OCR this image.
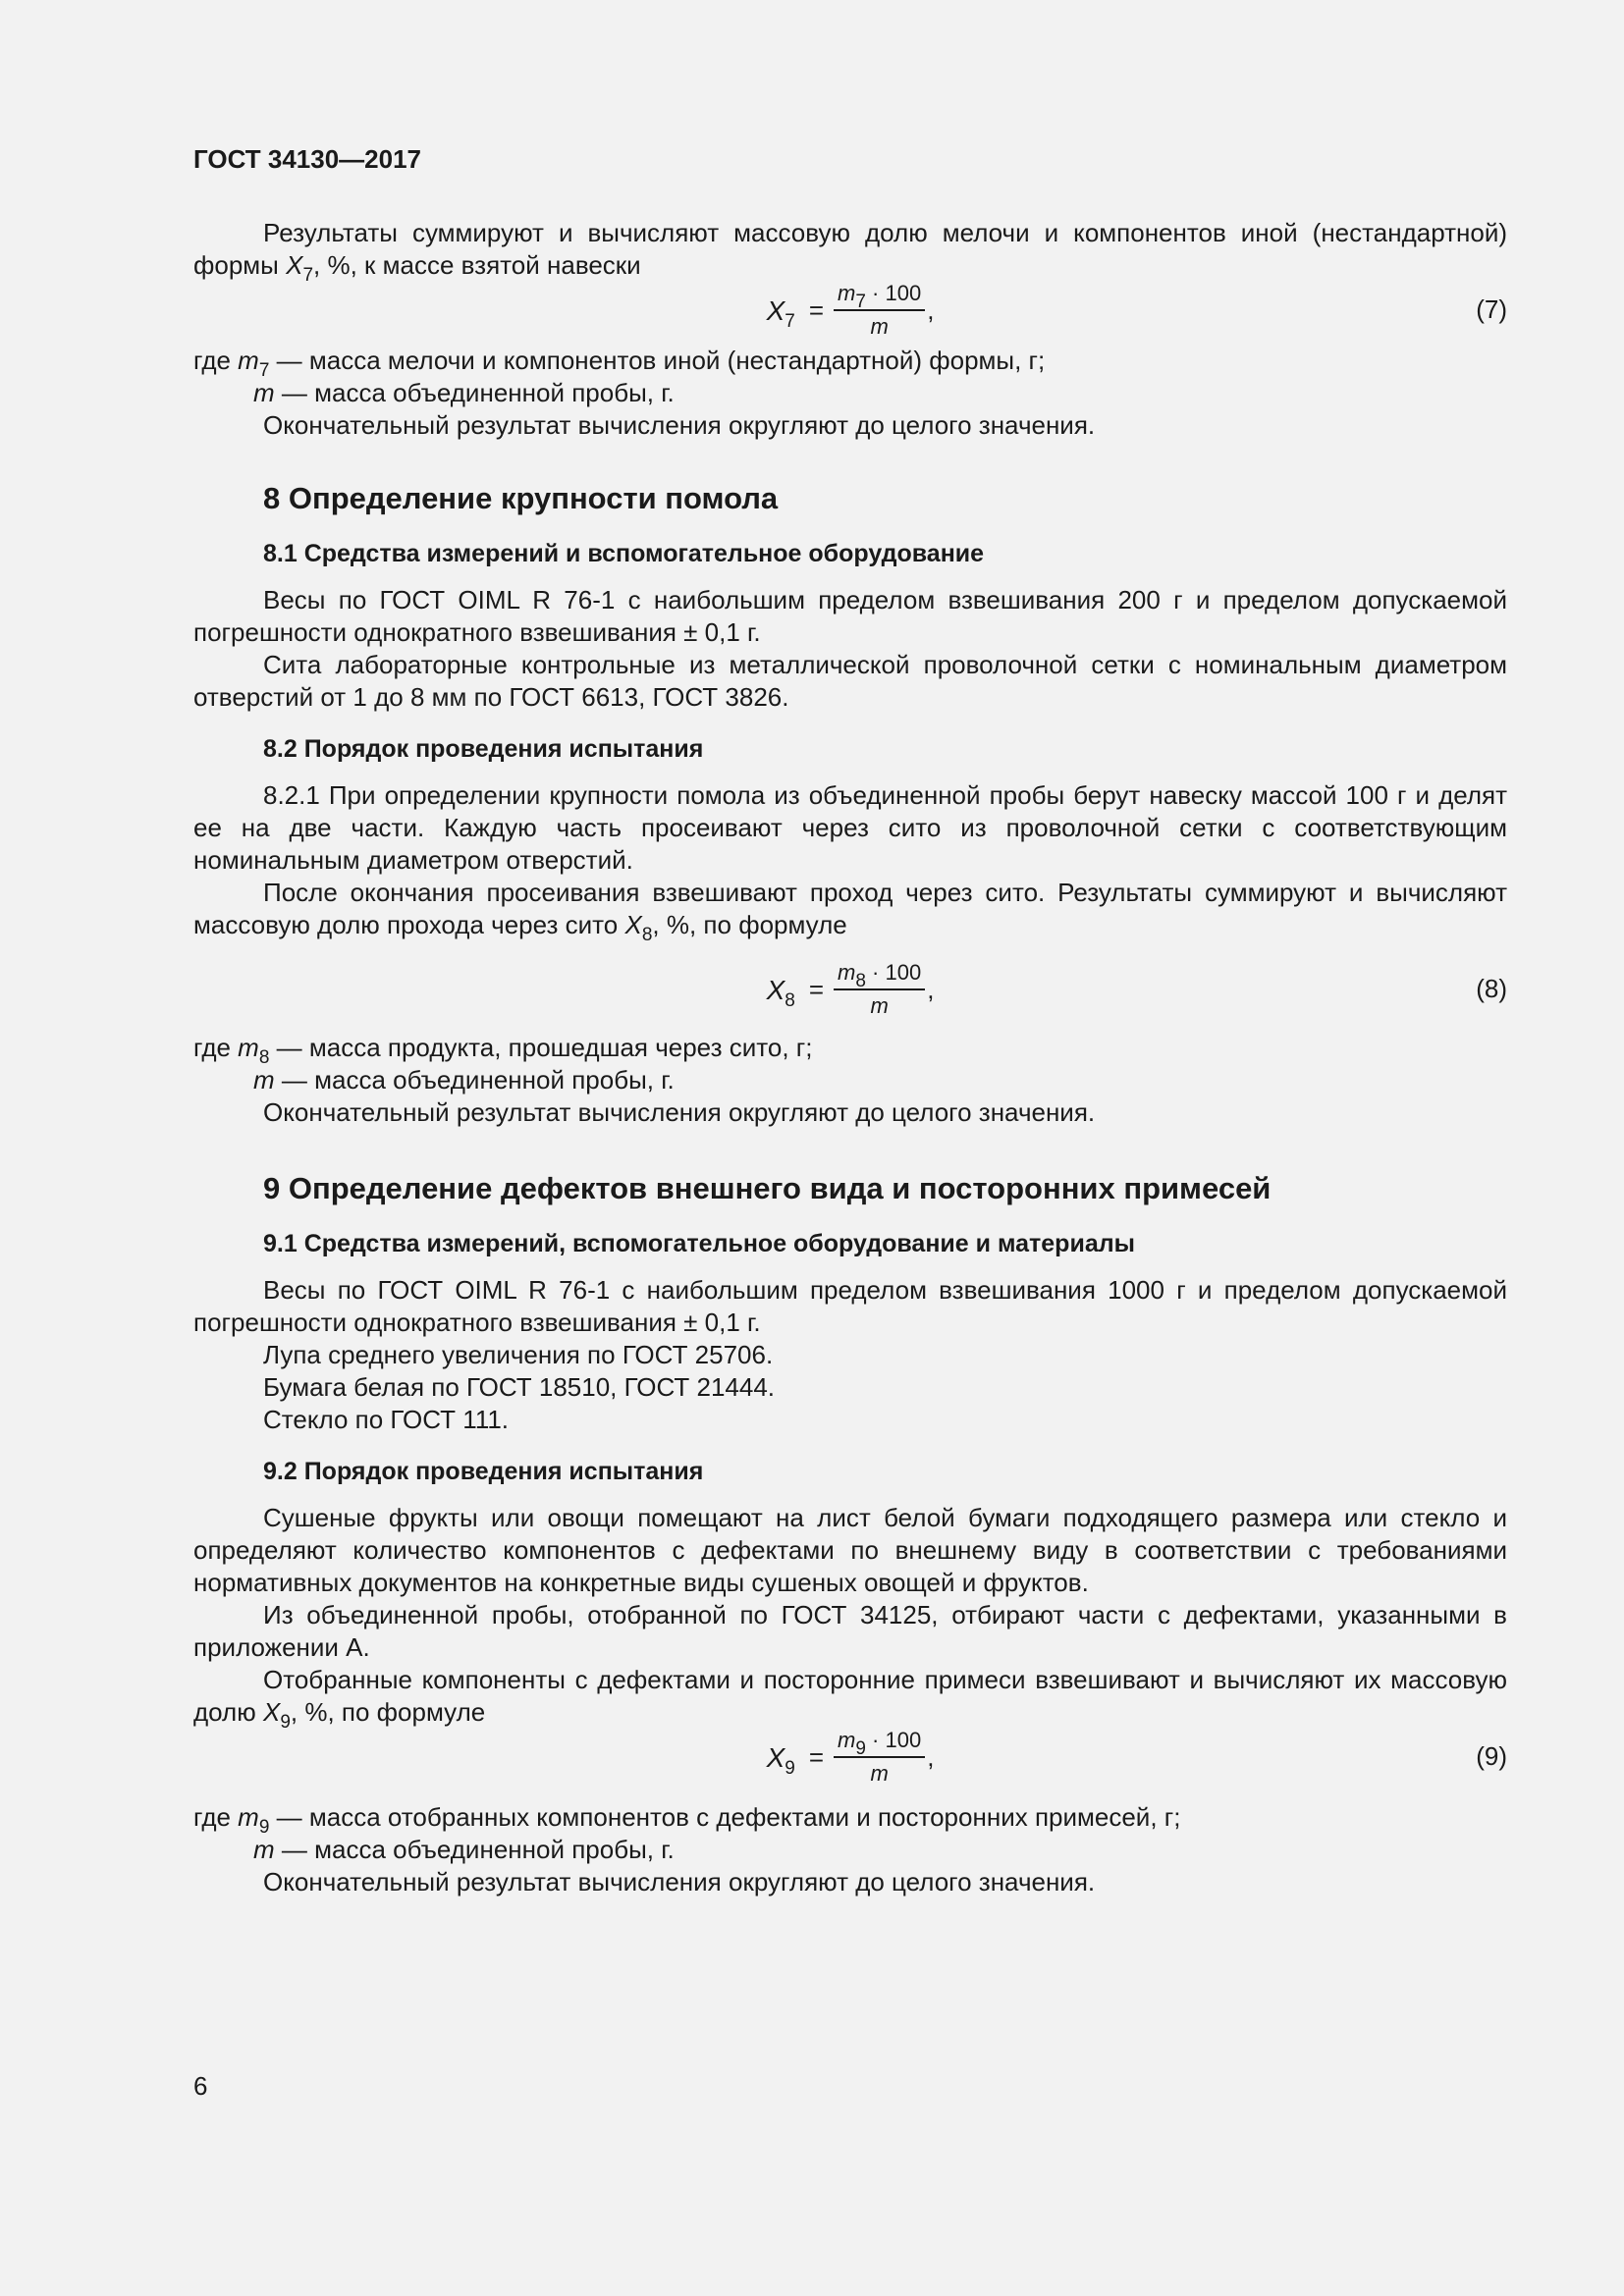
ГОСТ 34130—2017

Результаты суммируют и вычисляют массовую долю мелочи и компонентов иной (нестандартной) формы $X_7$, %, к массе взятой навески

$X_7 = \frac{m_7 \cdot 100}{m}$ ,	(7)

где $m_7$ — масса мелочи и компонентов иной (нестандартной) формы, г;

m — масса объединенной пробы, г.

Окончательный результат вычисления округляют до целого значения.

8 Определение крупности помола
8.1 Средства измерений и вспомогательное оборудование

Весы по ГОСТ OIML R 76-1 с наибольшим пределом взвешивания 200 г и пределом допускаемой погрешности однократного взвешивания ± 0,1 г.

Сита лабораторные контрольные из металлической проволочной сетки с номинальным диаметром отверстий от 1 до 8 мм по ГОСТ 6613, ГОСТ 3826.

8.2 Порядок проведения испытания

8.2.1 При определении крупности помола из объединенной пробы берут навеску массой 100 г и делят ее на две части. Каждую часть просеивают через сито из проволочной сетки с соответствующим номинальным диаметром отверстий.

После окончания просеивания взвешивают проход через сито. Результаты суммируют и вычисляют массовую долю прохода через сито $X_8$, %, по формуле

$X_8 = \frac{m_8 \cdot 100}{m}$ ,	(8)

где $m_8$ — масса продукта, прошедшая через сито, г;

m — масса объединенной пробы, г.

Окончательный результат вычисления округляют до целого значения.

9 Определение дефектов внешнего вида и посторонних примесей
9.1 Средства измерений, вспомогательное оборудование и материалы

Весы по ГОСТ OIML R 76-1 с наибольшим пределом взвешивания 1000 г и пределом допускаемой погрешности однократного взвешивания ± 0,1 г.

Лупа среднего увеличения по ГОСТ 25706.

Бумага белая по ГОСТ 18510, ГОСТ 21444.

Стекло по ГОСТ 111.

9.2 Порядок проведения испытания

Сушеные фрукты или овощи помещают на лист белой бумаги подходящего размера или стекло и определяют количество компонентов с дефектами по внешнему виду в соответствии с требованиями нормативных документов на конкретные виды сушеных овощей и фруктов.

Из объединенной пробы, отобранной по ГОСТ 34125, отбирают части с дефектами, указанными в приложении А.

Отобранные компоненты с дефектами и посторонние примеси взвешивают и вычисляют их массовую долю $X_9$, %, по формуле

$X_9 = \frac{m_9 \cdot 100}{m}$ ,	(9)

где $m_9$ — масса отобранных компонентов с дефектами и посторонних примесей, г;

m — масса объединенной пробы, г.

Окончательный результат вычисления округляют до целого значения.

6
